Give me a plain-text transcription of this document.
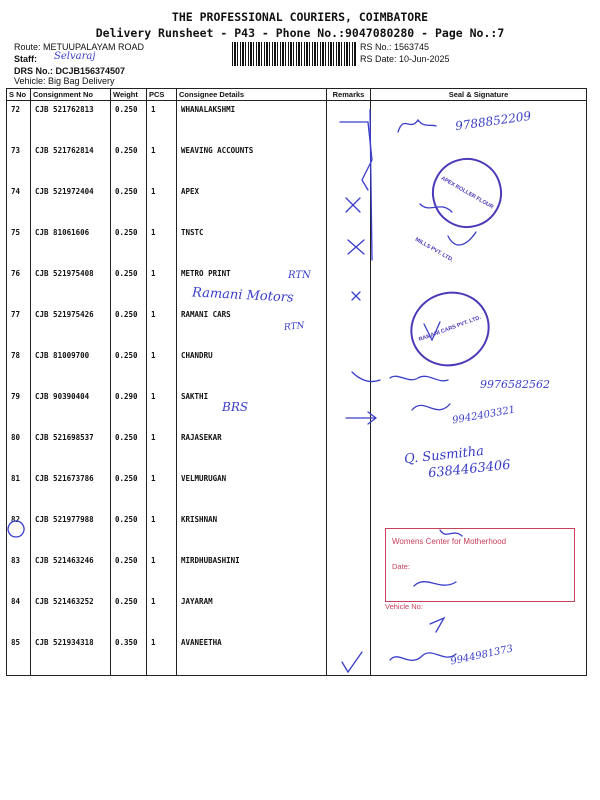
THE PROFESSIONAL COURIERS, COIMBATORE
Delivery Runsheet - P43 - Phone No.:9047080280 - Page No.:7
Route: METUUPALAYAM ROAD
Staff: Selvaraj
DRS No.: DCJB156374507
Vehicle: Big Bag Delivery
RS No.: 1563745
RS Date: 10-Jun-2025
S No	Consignment No	Weight	PCS	Consignee Details	Remarks	Seal & Signature
72	CJB 521762813	0.250	1	WHANALAKSHMI		
73	CJB 521762814	0.250	1	WEAVING ACCOUNTS		
74	CJB 521972404	0.250	1	APEX		
75	CJB 81061606	0.250	1	TNSTC		
76	CJB 521975408	0.250	1	METRO PRINT		
77	CJB 521975426	0.250	1	RAMANI CARS		
78	CJB 81009700	0.250	1	CHANDRU		
79	CJB 90390404	0.290	1	SAKTHI		
80	CJB 521698537	0.250	1	RAJASEKAR		
81	CJB 521673786	0.250	1	VELMURUGAN		
82	CJB 521977988	0.250	1	KRISHNAN		
83	CJB 521463246	0.250	1	MIRDHUBASHINI		
84	CJB 521463252	0.250	1	JAYARAM		
85	CJB 521934318	0.350	1	AVANEETHA		
9788852209
RTN
Ramani Motors
RTN
9976582562
BRS	9942403321
Q. Susmitha
6384463406
9944981373
APEX ROLLER FLOUR MILLS PVT. LTD.
RAMANI CARS PVT. LTD.
Womens Center for Motherhood
Date:
Vehicle No:
